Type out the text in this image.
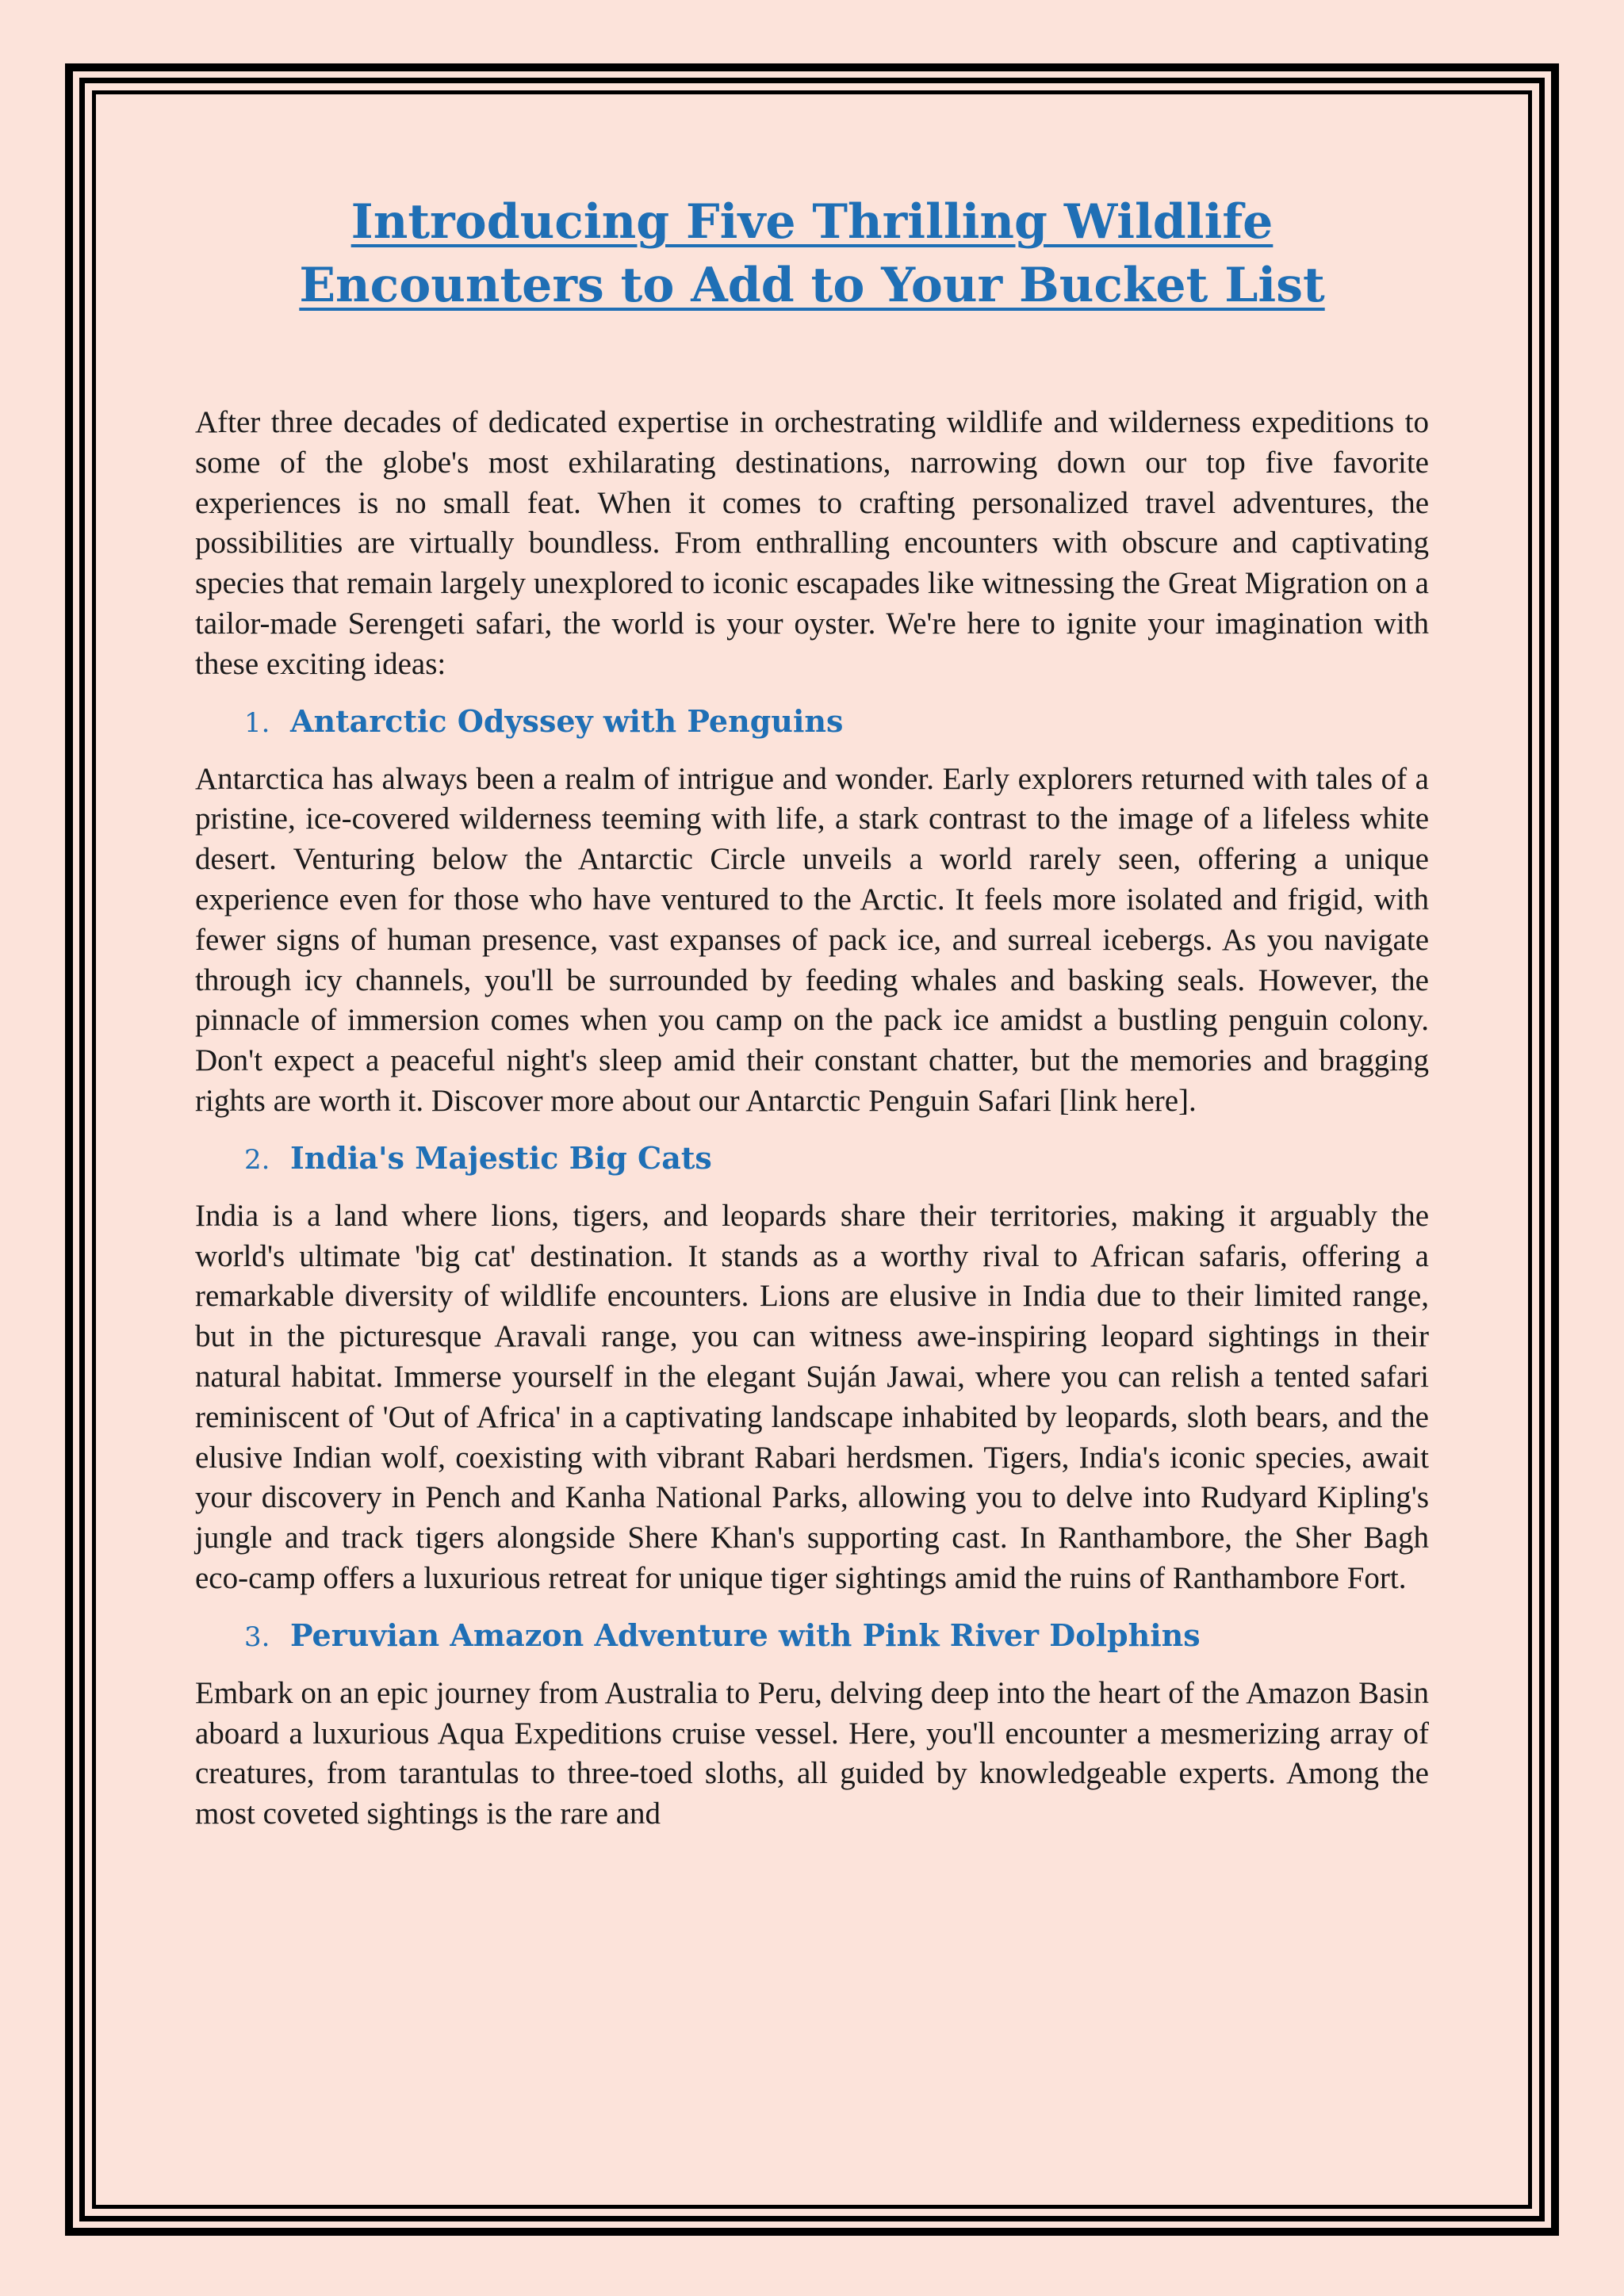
Introducing Five Thrilling Wildlife Encounters to Add to Your Bucket List

After three decades of dedicated expertise in orchestrating wildlife and wilderness expeditions to some of the globe's most exhilarating destinations, narrowing down our top five favorite experiences is no small feat. When it comes to crafting personalized travel adventures, the possibilities are virtually boundless. From enthralling encounters with obscure and captivating species that remain largely unexplored to iconic escapades like witnessing the Great Migration on a tailor-made Serengeti safari, the world is your oyster. We're here to ignite your imagination with these exciting ideas:

1. Antarctic Odyssey with Penguins

Antarctica has always been a realm of intrigue and wonder. Early explorers returned with tales of a pristine, ice-covered wilderness teeming with life, a stark contrast to the image of a lifeless white desert. Venturing below the Antarctic Circle unveils a world rarely seen, offering a unique experience even for those who have ventured to the Arctic. It feels more isolated and frigid, with fewer signs of human presence, vast expanses of pack ice, and surreal icebergs. As you navigate through icy channels, you'll be surrounded by feeding whales and basking seals. However, the pinnacle of immersion comes when you camp on the pack ice amidst a bustling penguin colony. Don't expect a peaceful night's sleep amid their constant chatter, but the memories and bragging rights are worth it. Discover more about our Antarctic Penguin Safari [link here].

2. India's Majestic Big Cats

India is a land where lions, tigers, and leopards share their territories, making it arguably the world's ultimate 'big cat' destination. It stands as a worthy rival to African safaris, offering a remarkable diversity of wildlife encounters. Lions are elusive in India due to their limited range, but in the picturesque Aravali range, you can witness awe-inspiring leopard sightings in their natural habitat. Immerse yourself in the elegant Suján Jawai, where you can relish a tented safari reminiscent of 'Out of Africa' in a captivating landscape inhabited by leopards, sloth bears, and the elusive Indian wolf, coexisting with vibrant Rabari herdsmen. Tigers, India's iconic species, await your discovery in Pench and Kanha National Parks, allowing you to delve into Rudyard Kipling's jungle and track tigers alongside Shere Khan's supporting cast. In Ranthambore, the Sher Bagh eco-camp offers a luxurious retreat for unique tiger sightings amid the ruins of Ranthambore Fort.

3. Peruvian Amazon Adventure with Pink River Dolphins

Embark on an epic journey from Australia to Peru, delving deep into the heart of the Amazon Basin aboard a luxurious Aqua Expeditions cruise vessel. Here, you'll encounter a mesmerizing array of creatures, from tarantulas to three-toed sloths, all guided by knowledgeable experts. Among the most coveted sightings is the rare and
